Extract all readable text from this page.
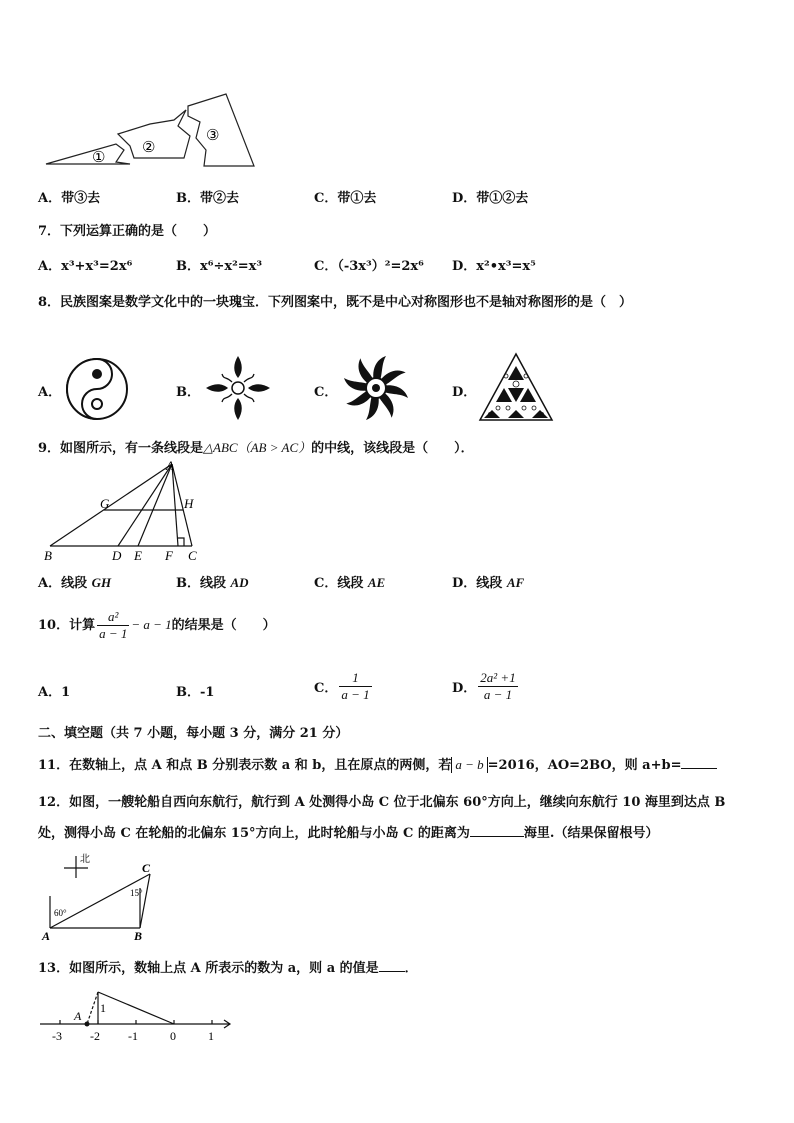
①
②
③
A．带③去	B．带②去	C．带①去	D．带①②去
7．下列运算正确的是（　　）
A．x³+x³=2x⁶	B．x⁶÷x²=x³	C．（-3x³）²=2x⁶ D．x²•x³=x⁵
8．民族图案是数学文化中的一块瑰宝．下列图案中，既不是中心对称图形也不是轴对称图形的是（　）
A．	B．	C．	D．
9．如图所示，有一条线段是△ABC（AB > AC）的中线，该线段是（　　）．
A
G	H
B	D E F C
A．线段 GH	B．线段 AD	C．线段 AE	D．线段 AF
10．计算 $\frac{\text{a²}}{a - 1} - a - 1$的结果是（　　）
A．1	B．-1	C． $\frac{1}{a - 1}$	D． $\frac{\text{2a² +1}}{a - 1}$
二、填空题（共 7 小题，每小题 3 分，满分 21 分）
11．在数轴上，点 A 和点 B 分别表示数 a 和 b，且在原点的两侧，若 a − b =2016，AO=2BO，则 a+b=
12．如图，一艘轮船自西向东航行，航行到 A 处测得小岛 C 位于北偏东 60°方向上，继续向东航行 10 海里到达点 B
处，测得小岛 C 在轮船的北偏东 15°方向上，此时轮船与小岛 C 的距离为	海里.（结果保留根号）
北
C
A	B
60°
15°
13．如图所示，数轴上点 A 所表示的数为 a，则 a 的值是 ．
A
1
-3 -2 -1	0	1
